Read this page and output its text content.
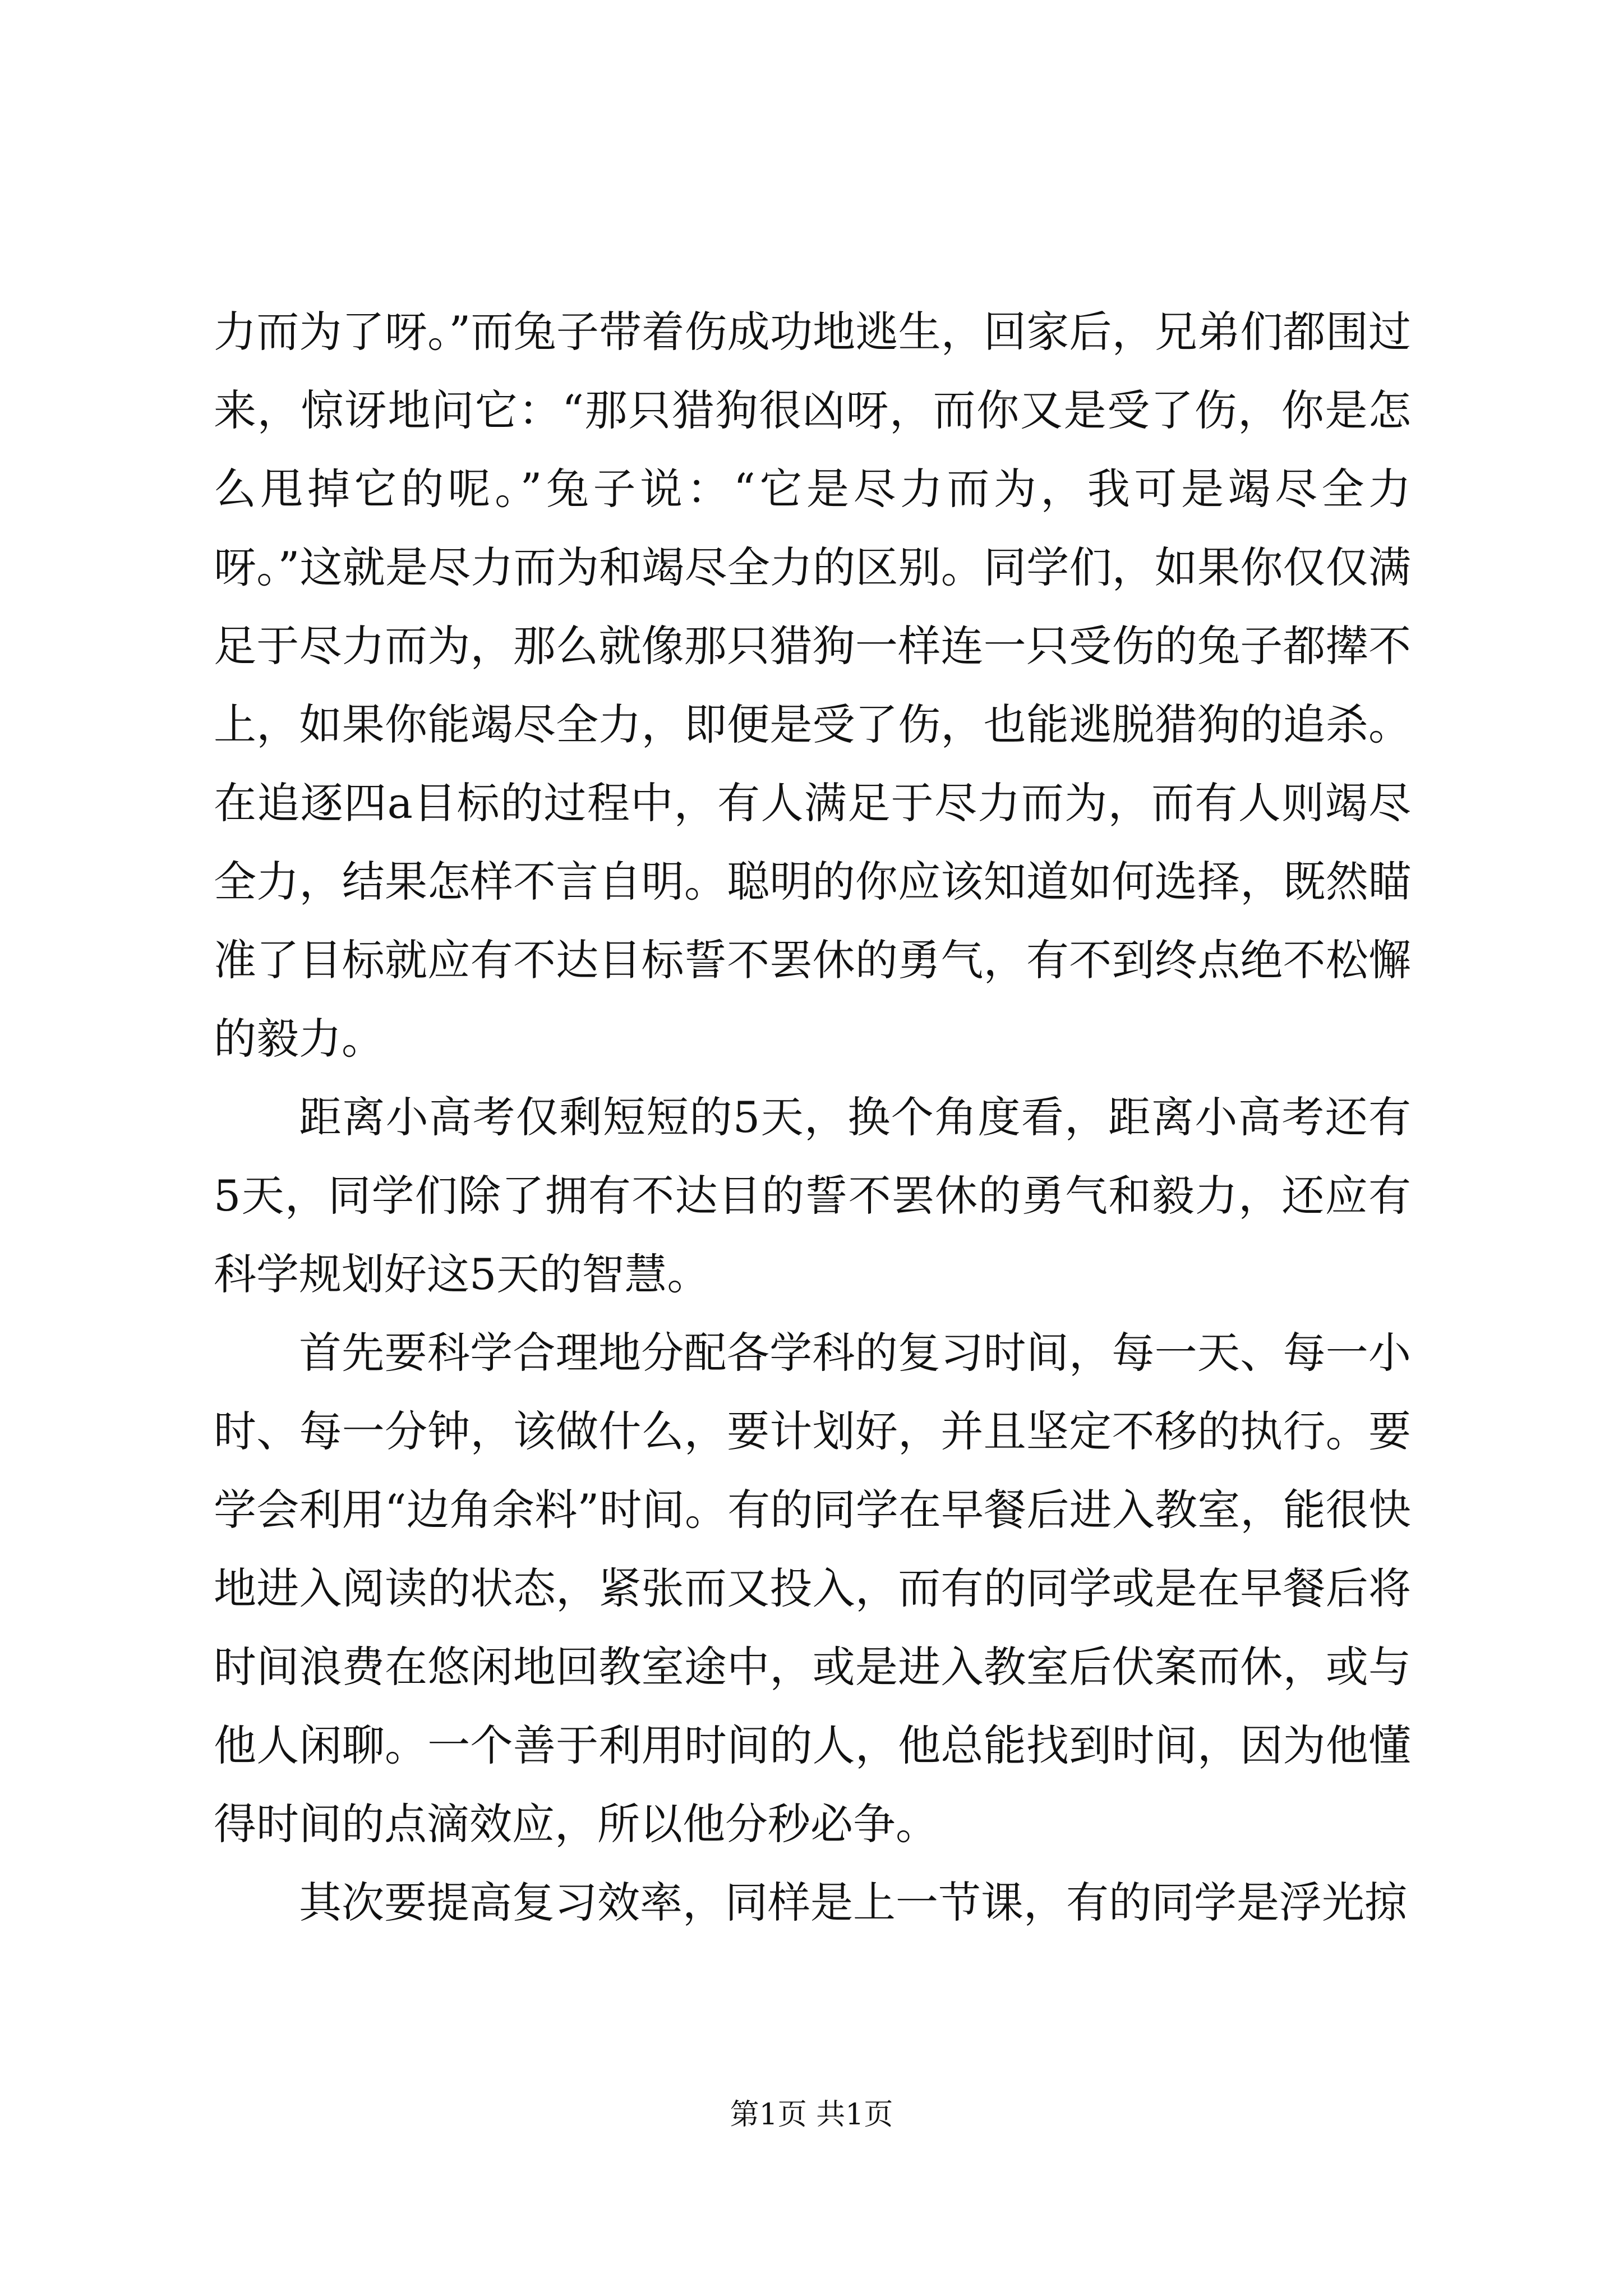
力而为了呀。”而兔子带着伤成功地逃生，回家后，兄弟们都围过来，惊讶地问它：“那只猎狗很凶呀，而你又是受了伤，你是怎么甩掉它的呢。”兔子说：“它是尽力而为，我可是竭尽全力呀。”这就是尽力而为和竭尽全力的区别。同学们，如果你仅仅满足于尽力而为，那么就像那只猎狗一样连一只受伤的兔子都撵不上，如果你能竭尽全力，即便是受了伤，也能逃脱猎狗的追杀。在追逐四a目标的过程中，有人满足于尽力而为，而有人则竭尽全力，结果怎样不言自明。聪明的你应该知道如何选择，既然瞄准了目标就应有不达目标誓不罢休的勇气，有不到终点绝不松懈的毅力。

距离小高考仅剩短短的5天，换个角度看，距离小高考还有5天，同学们除了拥有不达目的誓不罢休的勇气和毅力，还应有科学规划好这5天的智慧。

首先要科学合理地分配各学科的复习时间，每一天、每一小时、每一分钟，该做什么，要计划好，并且坚定不移的执行。要学会利用“边角余料”时间。有的同学在早餐后进入教室，能很快地进入阅读的状态，紧张而又投入，而有的同学或是在早餐后将时间浪费在悠闲地回教室途中，或是进入教室后伏案而休，或与他人闲聊。一个善于利用时间的人，他总能找到时间，因为他懂得时间的点滴效应，所以他分秒必争。

其次要提高复习效率，同样是上一节课，有的同学是浮光掠

第1页 共1页
